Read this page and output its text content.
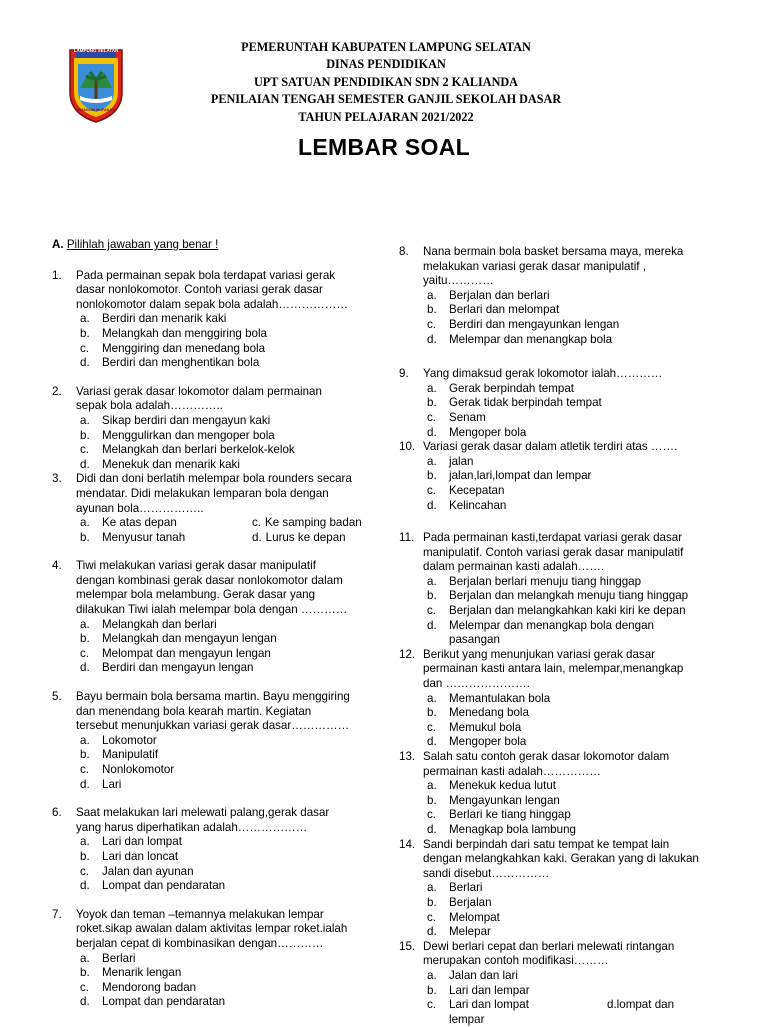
LAMPUNG SELATAN
KHAGOM MUFAKAT
PEMERUNTAH KABUPATEN LAMPUNG SELATAN
DINAS PENDIDIKAN
UPT SATUAN PENDIDIKAN SDN 2 KALIANDA
PENILAIAN TENGAH SEMESTER GANJIL SEKOLAH DASAR
TAHUN PELAJARAN 2021/2022
LEMBAR SOAL
A. Pilihlah jawaban yang benar !
1. Pada permainan sepak bola terdapat variasi gerak
dasar nonlokomotor. Contoh variasi gerak dasar
nonlokomotor dalam sepak bola adalah………………
a. Berdiri dan menarik kaki
b. Melangkah dan menggiring bola
c. Menggiring dan menedang bola
d. Berdiri dan menghentikan bola
2. Variasi gerak dasar lokomotor dalam permainan
sepak bola adalah…………..
a. Sikap berdiri dan mengayun kaki
b. Menggulirkan dan mengoper bola
c. Melangkah dan berlari berkelok-kelok
d. Menekuk dan menarik kaki
3. Didi dan doni berlatih melempar bola rounders secara
mendatar. Didi melakukan lemparan bola dengan
ayunan bola……………..
a. Ke atas depan	c. Ke samping badan
b. Menyusur tanah	d. Lurus ke depan
4. Tiwi melakukan variasi gerak dasar manipulatif
dengan kombinasi gerak dasar nonlokomotor dalam
melempar bola melambung. Gerak dasar yang
dilakukan Tiwi ialah melempar bola dengan …………
a. Melangkah dan berlari
b. Melangkah dan mengayun lengan
c. Melompat dan mengayun lengan
d. Berdiri dan mengayun lengan
5. Bayu bermain bola bersama martin. Bayu menggiring
dan menendang bola kearah martin. Kegiatan
tersebut menunjukkan variasi gerak dasar……………
a. Lokomotor
b. Manipulatif
c. Nonlokomotor
d. Lari
6. Saat melakukan lari melewati palang,gerak dasar
yang harus diperhatikan adalah………………
a. Lari dan lompat
b. Lari dan loncat
c. Jalan dan ayunan
d. Lompat dan pendaratan
7. Yoyok dan teman –temannya melakukan lempar
roket.sikap awalan dalam aktivitas lempar roket.ialah
berjalan cepat di kombinasikan dengan…………
a. Berlari
b. Menarik lengan
c. Mendorong badan
d. Lompat dan pendaratan
8. Nana bermain bola basket bersama maya, mereka
melakukan variasi gerak dasar manipulatif ,
yaitu…………
a. Berjalan dan berlari
b. Berlari dan melompat
c. Berdiri dan mengayunkan lengan
d. Melempar dan menangkap bola
9. Yang dimaksud gerak lokomotor ialah…………
a. Gerak berpindah tempat
b. Gerak tidak berpindah tempat
c. Senam
d. Mengoper bola
10. Variasi gerak dasar dalam atletik terdiri atas …….
a. jalan
b. jalan,lari,lompat dan lempar
c. Kecepatan
d. Kelincahan
11. Pada permainan kasti,terdapat variasi gerak dasar
manipulatif. Contoh variasi gerak dasar manipulatif
dalam permainan kasti adalah…….
a. Berjalan berlari menuju tiang hinggap
b. Berjalan dan melangkah menuju tiang hinggap
c. Berjalan dan melangkahkan kaki kiri ke depan
d. Melempar dan menangkap bola dengan
pasangan
12. Berikut yang menunjukan variasi gerak dasar
permainan kasti antara lain, melempar,menangkap
dan ………………….
a. Memantulakan bola
b. Menedang bola
c. Memukul bola
d. Mengoper bola
13. Salah satu contoh gerak dasar lokomotor dalam
permainan kasti adalah……………
a. Menekuk kedua lutut
b. Mengayunkan lengan
c. Berlari ke tiang hinggap
d. Menagkap bola lambung
14. Sandi berpindah dari satu tempat ke tempat lain
dengan melangkahkan kaki. Gerakan yang di lakukan
sandi disebut……………
a. Berlari
b. Berjalan
c. Melompat
d. Melepar
15. Dewi berlari cepat dan berlari melewati rintangan
merupakan contoh modifikasi………
a. Jalan dan lari
b. Lari dan lempar
c. Lari dan lompat
lempar
d.lompat dan
